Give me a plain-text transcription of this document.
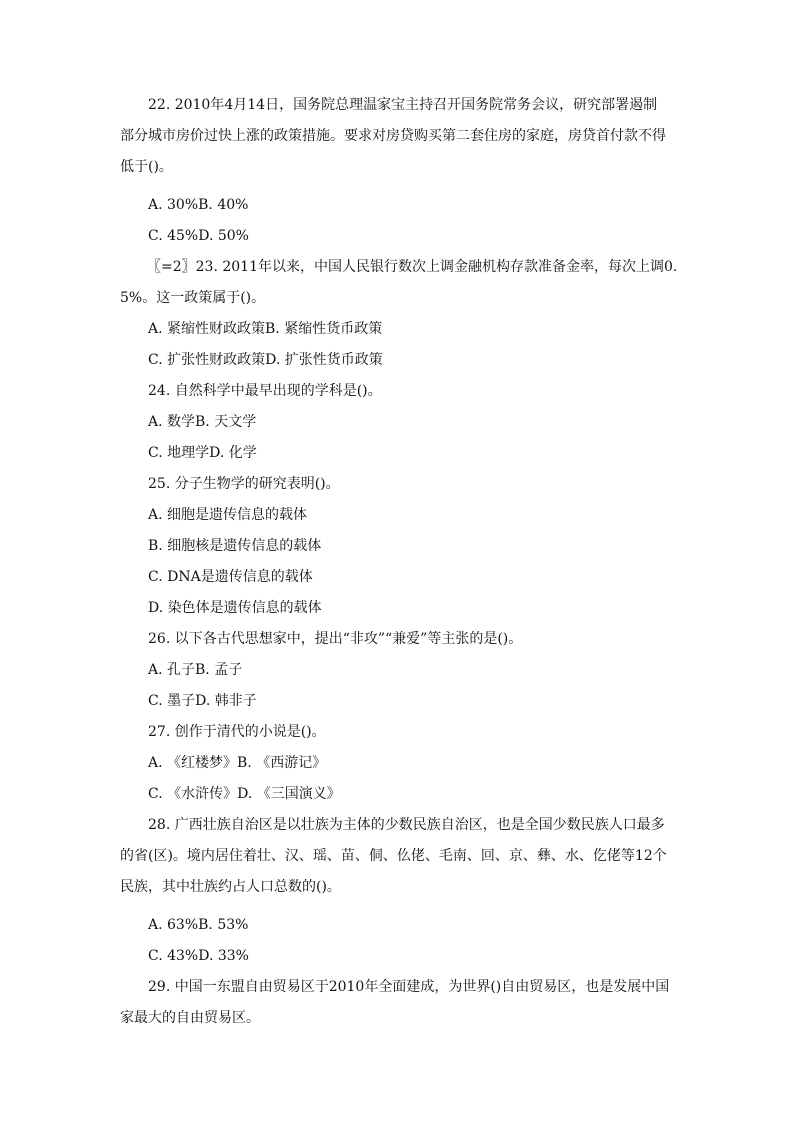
22. 2010年4月14日，国务院总理温家宝主持召开国务院常务会议，研究部署遏制
部分城市房价过快上涨的政策措施。要求对房贷购买第二套住房的家庭，房贷首付款不得
低于()。
A. 30%B. 40%
C. 45%D. 50%
〖=2〗23. 2011年以来，中国人民银行数次上调金融机构存款准备金率，每次上调0.
5%。这一政策属于()。
A. 紧缩性财政政策B. 紧缩性货币政策
C. 扩张性财政政策D. 扩张性货币政策
24. 自然科学中最早出现的学科是()。
A. 数学B. 天文学
C. 地理学D. 化学
25. 分子生物学的研究表明()。
A. 细胞是遗传信息的载体
B. 细胞核是遗传信息的载体
C. DNA是遗传信息的载体
D. 染色体是遗传信息的载体
26. 以下各古代思想家中，提出“非攻”“兼爱”等主张的是()。
A. 孔子B. 孟子
C. 墨子D. 韩非子
27. 创作于清代的小说是()。
A. 《红楼梦》B. 《西游记》
C. 《水浒传》D. 《三国演义》
28. 广西壮族自治区是以壮族为主体的少数民族自治区，也是全国少数民族人口最多
的省(区)。境内居住着壮、汉、瑶、苗、侗、仫佬、毛南、回、京、彝、水、仡佬等12个
民族，其中壮族约占人口总数的()。
A. 63%B. 53%
C. 43%D. 33%
29. 中国一东盟自由贸易区于2010年全面建成，为世界()自由贸易区，也是发展中国
家最大的自由贸易区。
